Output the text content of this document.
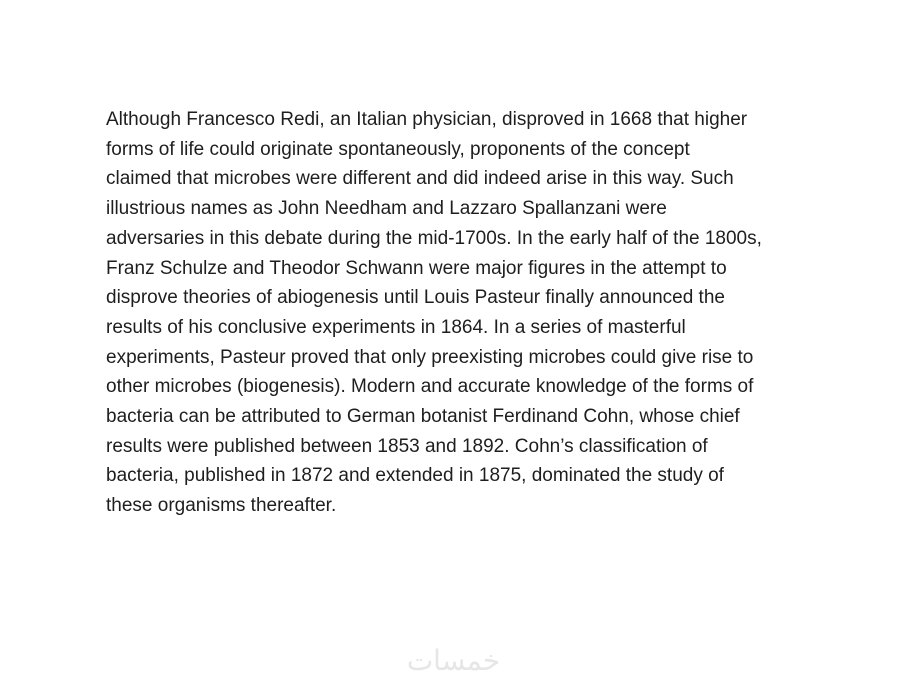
Although Francesco Redi, an Italian physician, disproved in 1668 that higher
forms of life could originate spontaneously, proponents of the concept
claimed that microbes were different and did indeed arise in this way. Such
illustrious names as John Needham and Lazzaro Spallanzani were
adversaries in this debate during the mid-1700s. In the early half of the 1800s,
Franz Schulze and Theodor Schwann were major figures in the attempt to
disprove theories of abiogenesis until Louis Pasteur finally announced the
results of his conclusive experiments in 1864. In a series of masterful
experiments, Pasteur proved that only preexisting microbes could give rise to
other microbes (biogenesis). Modern and accurate knowledge of the forms of
bacteria can be attributed to German botanist Ferdinand Cohn, whose chief
results were published between 1853 and 1892. Cohn’s classification of
bacteria, published in 1872 and extended in 1875, dominated the study of
these organisms thereafter.

خمسات
